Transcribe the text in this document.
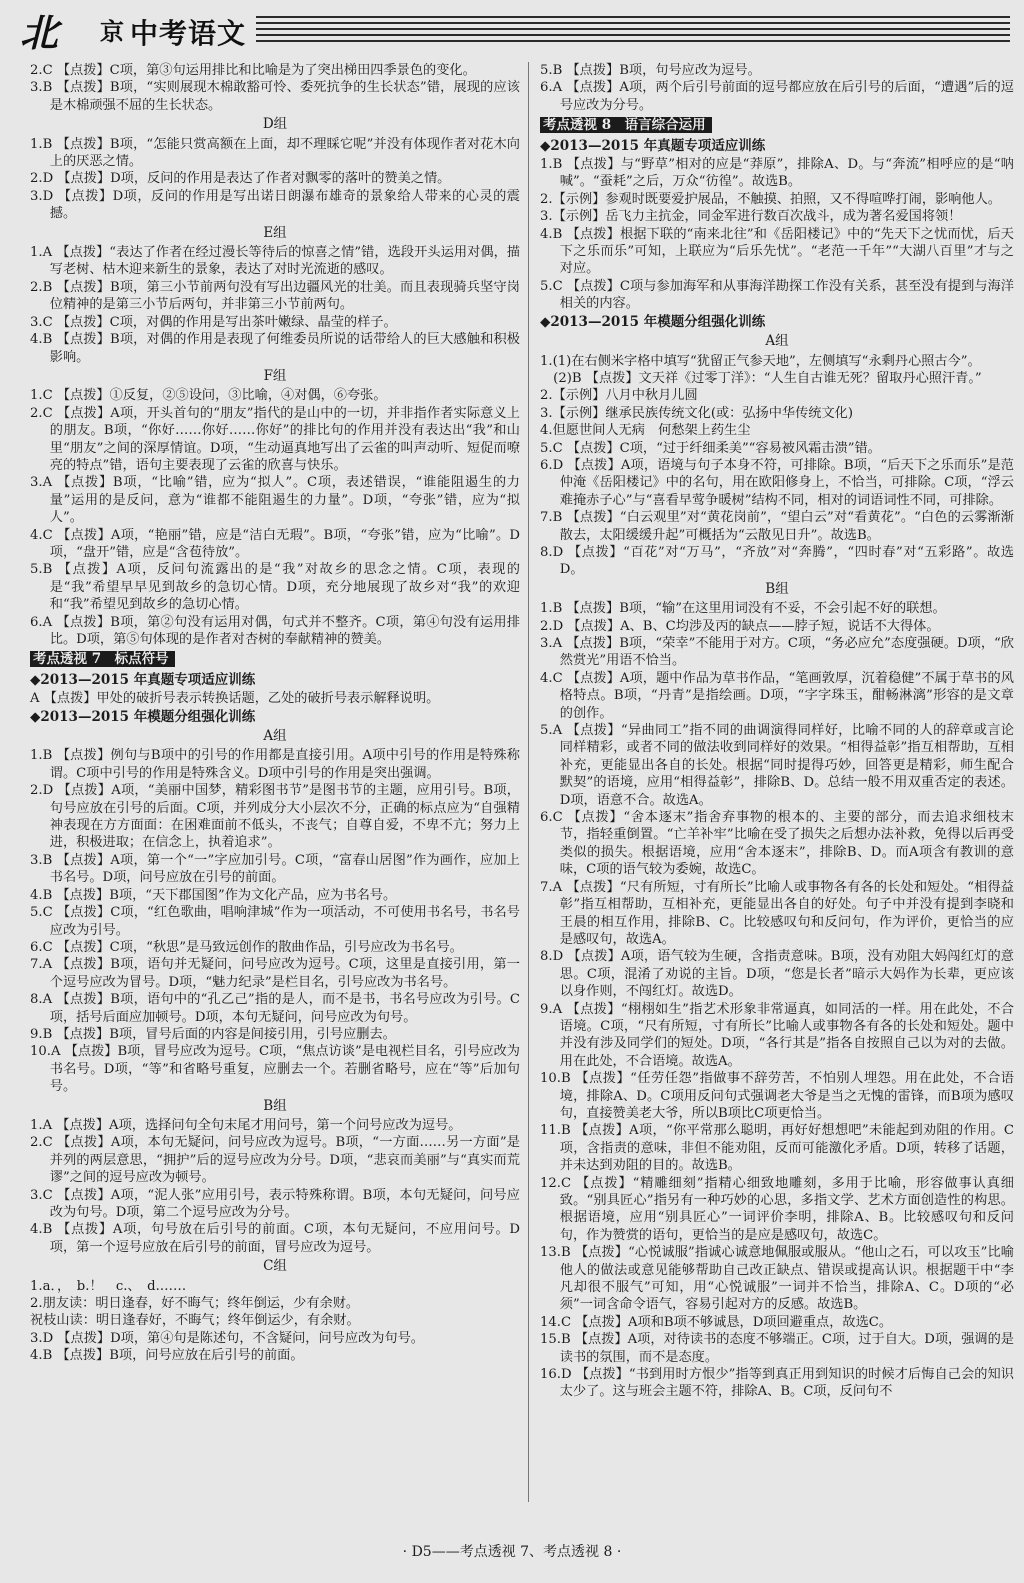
北 京 中考语文
2.C 【点拨】C项，第③句运用排比和比喻是为了突出梯田四季景色的变化。
3.B 【点拨】B项，“实则展现木棉敢豁可怜、委死抗争的生长状态”错，展现的应该是木棉顽强不屈的生长状态。
D组
1.B 【点拨】B项，“怎能只赏高额在上面，却不理睬它呢”并没有体现作者对花木向上的厌恶之情。
2.D 【点拨】D项，反问的作用是表达了作者对飘零的落叶的赞美之情。
3.D 【点拨】D项，反问的作用是写出诺日朗瀑布雄奇的景象给人带来的心灵的震撼。
E组
1.A 【点拨】“表达了作者在经过漫长等待后的惊喜之情”错，选段开头运用对偶，描写老树、枯木迎来新生的景象，表达了对时光流逝的感叹。
2.B 【点拨】B项，第三小节前两句没有写出边疆风光的壮美。而且表现骑兵坚守岗位精神的是第三小节后两句，并非第三小节前两句。
3.C 【点拨】C项，对偶的作用是写出茶叶嫩绿、晶莹的样子。
4.B 【点拨】B项，对偶的作用是表现了何维委员所说的话带给人的巨大感触和积极影响。
F组
1.C 【点拨】①反复，②⑤设问，③比喻，④对偶，⑥夸张。
2.C 【点拨】A项，开头首句的“朋友”指代的是山中的一切，并非指作者实际意义上的朋友。B项，“你好……你好……你好”的排比句的作用并没有表达出“我”和山里“朋友”之间的深厚情谊。D项，“生动逼真地写出了云雀的叫声动听、短促而嘹亮的特点”错，语句主要表现了云雀的欣喜与快乐。
3.A 【点拨】B项，“比喻”错，应为“拟人”。C项，表述错误，“谁能阻遏生的力量”运用的是反问，意为“谁都不能阻遏生的力量”。D项，“夸张”错，应为“拟人”。
4.C 【点拨】A项，“艳丽”错，应是“洁白无瑕”。B项，“夸张”错，应为“比喻”。D项，“盘开”错，应是“含苞待放”。
5.B 【点拨】A项，反问句流露出的是“我”对故乡的思念之情。C项，表现的是“我”希望早早见到故乡的急切心情。D项，充分地展现了故乡对“我”的欢迎和“我”希望见到故乡的急切心情。
6.A 【点拨】B项，第②句没有运用对偶，句式并不整齐。C项，第④句没有运用排比。D项，第⑤句体现的是作者对杏树的奉献精神的赞美。
考点透视 7　标点符号
◆2013—2015 年真题专项适应训练
A 【点拨】甲处的破折号表示转换话题，乙处的破折号表示解释说明。
◆2013—2015 年模题分组强化训练
A组
1.B 【点拨】例句与B项中的引号的作用都是直接引用。A项中引号的作用是特殊称谓。C项中引号的作用是特殊含义。D项中引号的作用是突出强调。
2.D 【点拨】A项，“美丽中国梦，精彩图书节”是图书节的主题，应用引号。B项，句号应放在引号的后面。C项，并列成分大小层次不分，正确的标点应为“自强精神表现在方方面面：在困难面前不低头，不丧气；自尊自爱，不卑不亢；努力上进，积极进取；在信念上，执着追求”。
3.B 【点拨】A项，第一个“一”字应加引号。C项，“富春山居图”作为画作，应加上书名号。D项，问号应放在引号的前面。
4.B 【点拨】B项，“天下郡国图”作为文化产品，应为书名号。
5.C 【点拨】C项，“红色歌曲，唱响津城”作为一项活动，不可使用书名号，书名号应改为引号。
6.C 【点拨】C项，“秋思”是马致远创作的散曲作品，引号应改为书名号。
7.A 【点拨】B项，语句并无疑问，问号应改为逗号。C项，这里是直接引用，第一个逗号应改为冒号。D项，“魅力纪录”是栏目名，引号应改为书名号。
8.A 【点拨】B项，语句中的“孔乙己”指的是人，而不是书，书名号应改为引号。C项，括号后面应加顿号。D项，本句无疑问，问号应改为句号。
9.B 【点拨】B项，冒号后面的内容是间接引用，引号应删去。
10.A 【点拨】B项，冒号应改为逗号。C项，“焦点访谈”是电视栏目名，引号应改为书名号。D项，“等”和省略号重复，应删去一个。若删省略号，应在“等”后加句号。
B组
1.A 【点拨】A项，选择问句全句末尾才用问号，第一个问号应改为逗号。
2.C 【点拨】A项，本句无疑问，问号应改为逗号。B项，“一方面……另一方面”是并列的两层意思，“拥护”后的逗号应改为分号。D项，“悲哀而美丽”与“真实而荒谬”之间的逗号应改为顿号。
3.C 【点拨】A项，“泥人张”应用引号，表示特殊称谓。B项，本句无疑问，问号应改为句号。D项，第二个逗号应改为分号。
4.B 【点拨】A项，句号放在后引号的前面。C项，本句无疑问，不应用问号。D项，第一个逗号应放在后引号的前面，冒号应改为逗号。
C组
1.a．，　b.！　c.、　d.……
2.朋友读：明日逢春，好不晦气；终年倒运，少有余财。
祝枝山读：明日逢春好，不晦气；终年倒运少，有余财。
3.D 【点拨】D项，第④句是陈述句，不含疑问，问号应改为句号。
4.B 【点拨】B项，问号应放在后引号的前面。
5.B 【点拨】B项，句号应改为逗号。
6.A 【点拨】A项，两个后引号前面的逗号都应放在后引号的后面，“遭遇”后的逗号应改为分号。
考点透视 8　语言综合运用
◆2013—2015 年真题专项适应训练
1.B 【点拨】与“野草”相对的应是“莽原”，排除A、D。与“奔流”相呼应的是“呐喊”。“蚕耗”之后，万众“彷徨”。故选B。
2.【示例】参观时既要爱护展品，不触摸、拍照，又不得喧哗打闹，影响他人。
3.【示例】岳飞力主抗金，同金军进行数百次战斗，成为著名爱国将领！
4.B 【点拨】根据下联的“南来北往”和《岳阳楼记》中的“先天下之忧而忧，后天下之乐而乐”可知，上联应为“后乐先忧”。“老范一千年”“大湖八百里”才与之对应。
5.C 【点拨】C项与参加海军和从事海洋勘探工作没有关系，甚至没有提到与海洋相关的内容。
◆2013—2015 年模题分组强化训练
A组
1.(1)在右侧米字格中填写“犹留正气参天地”，左侧填写“永剩丹心照古今”。
　(2)B 【点拨】文天祥《过零丁洋》：“人生自古谁无死？留取丹心照汗青。”
2.【示例】八月中秋月儿圆
3.【示例】继承民族传统文化(或：弘扬中华传统文化)
4.但愿世间人无病　何愁架上药生尘
5.C 【点拨】C项，“过于纤细柔美”“容易被风霜击溃”错。
6.D 【点拨】A项，语境与句子本身不符，可排除。B项，“后天下之乐而乐”是范仲淹《岳阳楼记》中的名句，用在欧阳修身上，不恰当，可排除。C项，“浮云难掩赤子心”与“喜看早莺争暖树”结构不同，相对的词语词性不同，可排除。
7.B 【点拨】“白云观里”对“黄花岗前”，“望白云”对“看黄花”。“白色的云雾渐渐散去，太阳缓缓升起”可概括为“云散见日升”。故选B。
8.D 【点拨】“百花”对“万马”，“齐放”对“奔腾”，“四时春”对“五彩路”。故选D。
B组
1.B 【点拨】B项，“输”在这里用词没有不妥，不会引起不好的联想。
2.D 【点拨】A、B、C均涉及丙的缺点——脖子短，说话不大得体。
3.A 【点拨】B项，“荣幸”不能用于对方。C项，“务必应允”态度强硬。D项，“欣然赏光”用语不恰当。
4.C 【点拨】A项，题中作品为草书作品，“笔画敦厚，沉着稳健”不属于草书的风格特点。B项，“丹青”是指绘画。D项，“字字珠玉，酣畅淋漓”形容的是文章的创作。
5.A 【点拨】“异曲同工”指不同的曲调演得同样好，比喻不同的人的辞章或言论同样精彩，或者不同的做法收到同样好的效果。“相得益彰”指互相帮助，互相补充，更能显出各自的长处。根据“同时提得巧妙，回答更是精彩，师生配合默契”的语境，应用“相得益彰”，排除B、D。总结一般不用双重否定的表述。D项，语意不合。故选A。
6.C 【点拨】“舍本逐末”指舍弃事物的根本的、主要的部分，而去追求细枝末节，指轻重倒置。“亡羊补牢”比喻在受了损失之后想办法补救，免得以后再受类似的损失。根据语境，应用“舍本逐末”，排除B、D。而A项含有教训的意味，C项的语气较为委婉，故选C。
7.A 【点拨】“尺有所短，寸有所长”比喻人或事物各有各的长处和短处。“相得益彰”指互相帮助，互相补充，更能显出各自的好处。句子中并没有提到李晓和王晨的相互作用，排除B、C。比较感叹句和反问句，作为评价，更恰当的应是感叹句，故选A。
8.D 【点拨】A项，语气较为生硬，含指责意味。B项，没有劝阻大妈闯红灯的意思。C项，混淆了劝说的主旨。D项，“您是长者”暗示大妈作为长辈，更应该以身作则，不闯红灯。故选D。
9.A 【点拨】“栩栩如生”指艺术形象非常逼真，如同活的一样。用在此处，不合语境。C项，“尺有所短，寸有所长”比喻人或事物各有各的长处和短处。题中并没有涉及同学们的短处。D项，“各行其是”指各自按照自己以为对的去做。用在此处，不合语境。故选A。
10.B 【点拨】“任劳任怨”指做事不辞劳苦，不怕别人埋怨。用在此处，不合语境，排除A、D。C项用反问句式强调老大爷是当之无愧的雷锋，而B项为感叹句，直接赞美老大爷，所以B项比C项更恰当。
11.B 【点拨】A项，“你平常那么聪明，再好好想想吧”未能起到劝阻的作用。C项，含指责的意味，非但不能劝阻，反而可能激化矛盾。D项，转移了话题，并未达到劝阻的目的。故选B。
12.C 【点拨】“精雕细刻”指精心细致地雕刻，多用于比喻，形容做事认真细致。“别具匠心”指另有一种巧妙的心思，多指文学、艺术方面创造性的构思。根据语境，应用“别具匠心”一词评价李明，排除A、B。比较感叹句和反问句，作为赞赏的语句，更恰当的是应是感叹句，故选C。
13.B 【点拨】“心悦诚服”指诚心诚意地佩服或服从。“他山之石，可以攻玉”比喻他人的做法或意见能够帮助自己改正缺点、错误或提高认识。根据题干中“李凡却很不服气”可知，用“心悦诚服”一词并不恰当，排除A、C。D项的“必须”一词含命令语气，容易引起对方的反感。故选B。
14.C 【点拨】A项和B项不够诚恳，D项回避重点，故选C。
15.B 【点拨】A项，对待读书的态度不够端正。C项，过于自大。D项，强调的是读书的氛围，而不是态度。
16.D 【点拨】“书到用时方恨少”指等到真正用到知识的时候才后悔自己会的知识太少了。这与班会主题不符，排除A、B。C项，反问句不
· D5——考点透视 7、考点透视 8 ·
